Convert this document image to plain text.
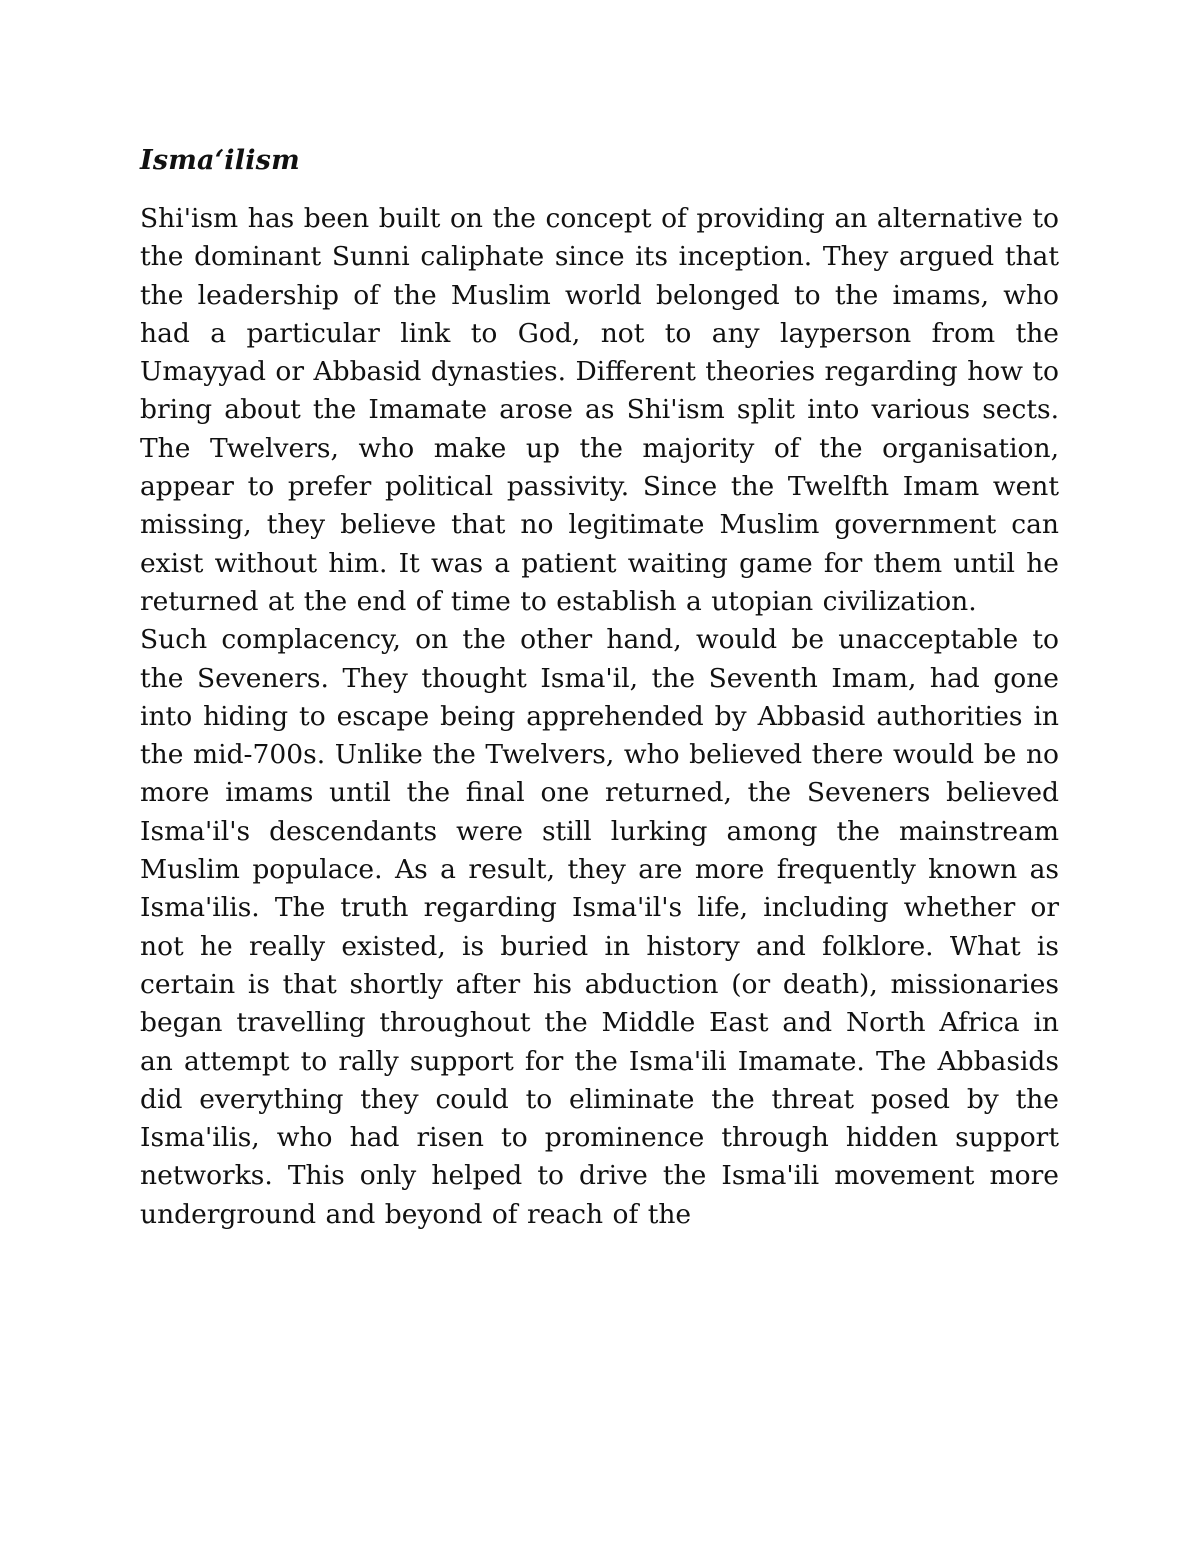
Isma‘ilism

Shi'ism has been built on the concept of providing an alternative to the dominant Sunni caliphate since its inception. They argued that the leadership of the Muslim world belonged to the imams, who had a particular link to God, not to any layperson from the Umayyad or Abbasid dynasties. Different theories regarding how to bring about the Imamate arose as Shi'ism split into various sects. The Twelvers, who make up the majority of the organisation, appear to prefer political passivity. Since the Twelfth Imam went missing, they believe that no legitimate Muslim government can exist without him. It was a patient waiting game for them until he returned at the end of time to establish a utopian civilization.

Such complacency, on the other hand, would be unacceptable to the Seveners. They thought Isma'il, the Seventh Imam, had gone into hiding to escape being apprehended by Abbasid authorities in the mid-700s. Unlike the Twelvers, who believed there would be no more imams until the final one returned, the Seveners believed Isma'il's descendants were still lurking among the mainstream Muslim populace. As a result, they are more frequently known as Isma'ilis. The truth regarding Isma'il's life, including whether or not he really existed, is buried in history and folklore. What is certain is that shortly after his abduction (or death), missionaries began travelling throughout the Middle East and North Africa in an attempt to rally support for the Isma'ili Imamate. The Abbasids did everything they could to eliminate the threat posed by the Isma'ilis, who had risen to prominence through hidden support networks. This only helped to drive the Isma'ili movement more underground and beyond of reach of the
